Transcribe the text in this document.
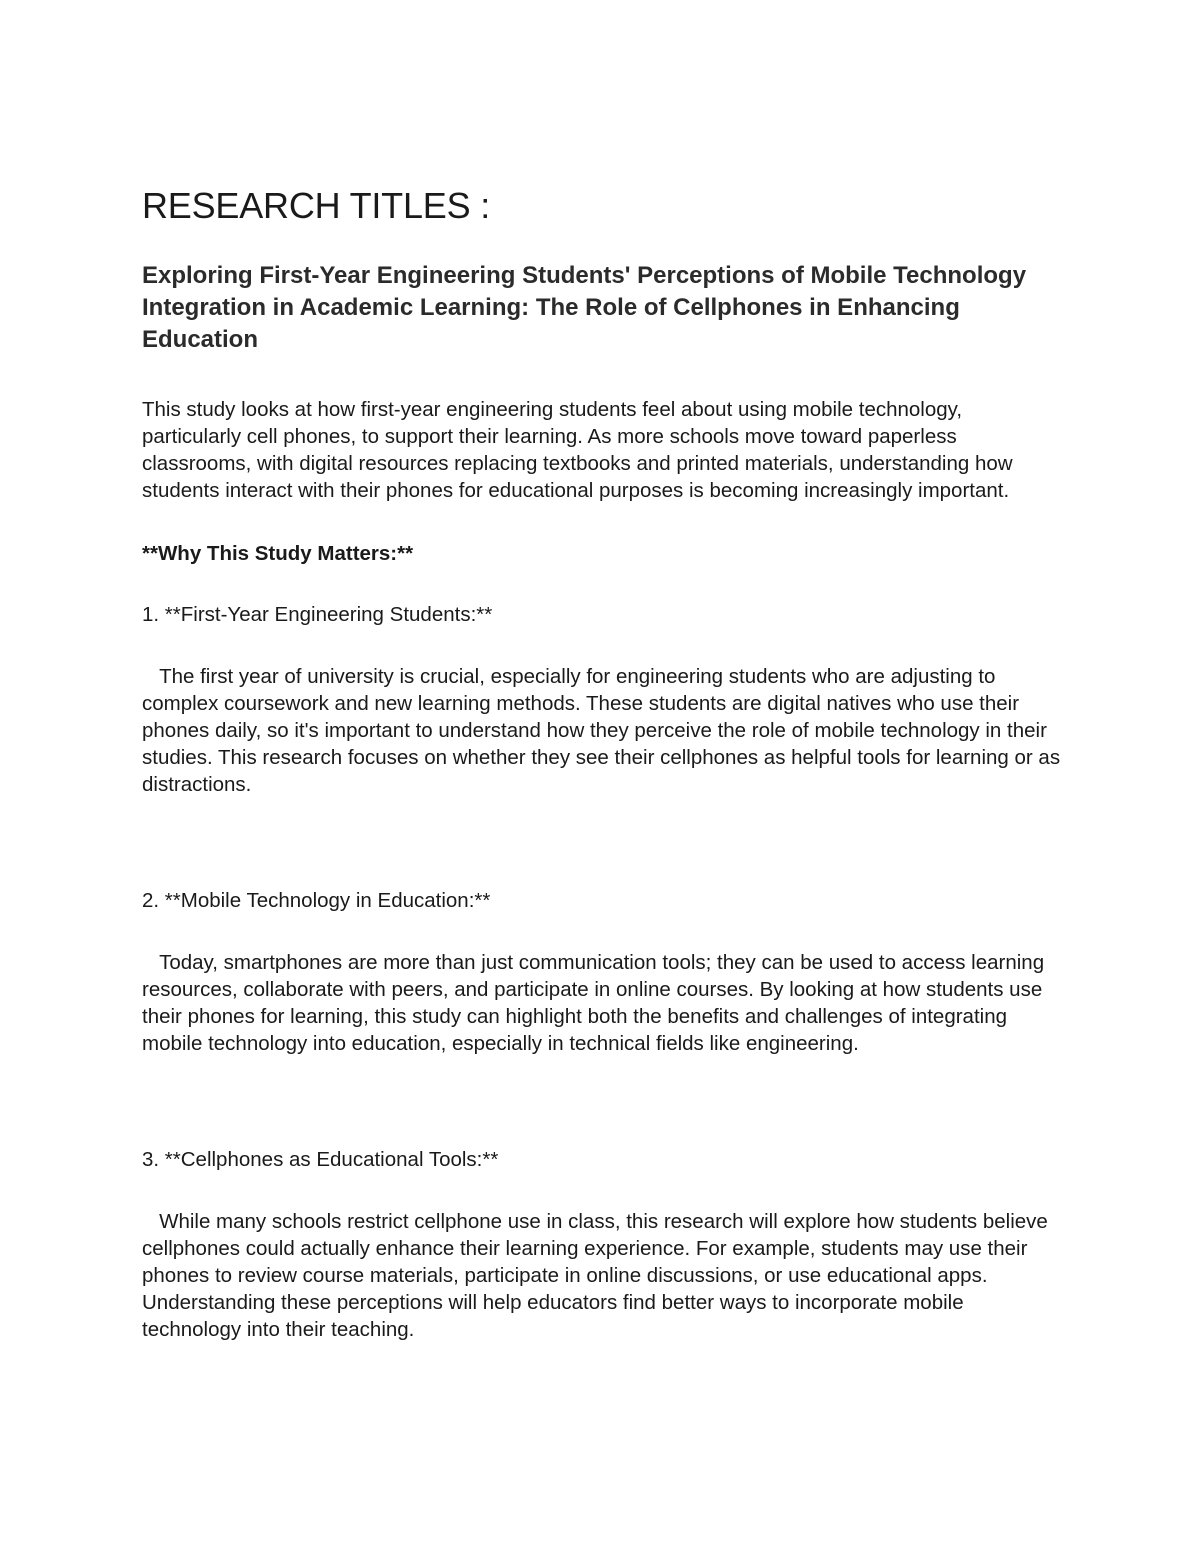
RESEARCH TITLES :
Exploring First-Year Engineering Students' Perceptions of Mobile Technology Integration in Academic Learning: The Role of Cellphones in Enhancing Education

This study looks at how first-year engineering students feel about using mobile technology, particularly cell phones, to support their learning. As more schools move toward paperless classrooms, with digital resources replacing textbooks and printed materials, understanding how students interact with their phones for educational purposes is becoming increasingly important.

**Why This Study Matters:**

1. **First-Year Engineering Students:**

The first year of university is crucial, especially for engineering students who are adjusting to complex coursework and new learning methods. These students are digital natives who use their phones daily, so it's important to understand how they perceive the role of mobile technology in their studies. This research focuses on whether they see their cellphones as helpful tools for learning or as distractions.

2. **Mobile Technology in Education:**

Today, smartphones are more than just communication tools; they can be used to access learning resources, collaborate with peers, and participate in online courses. By looking at how students use their phones for learning, this study can highlight both the benefits and challenges of integrating mobile technology into education, especially in technical fields like engineering.

3. **Cellphones as Educational Tools:**

While many schools restrict cellphone use in class, this research will explore how students believe cellphones could actually enhance their learning experience. For example, students may use their phones to review course materials, participate in online discussions, or use educational apps. Understanding these perceptions will help educators find better ways to incorporate mobile technology into their teaching.
